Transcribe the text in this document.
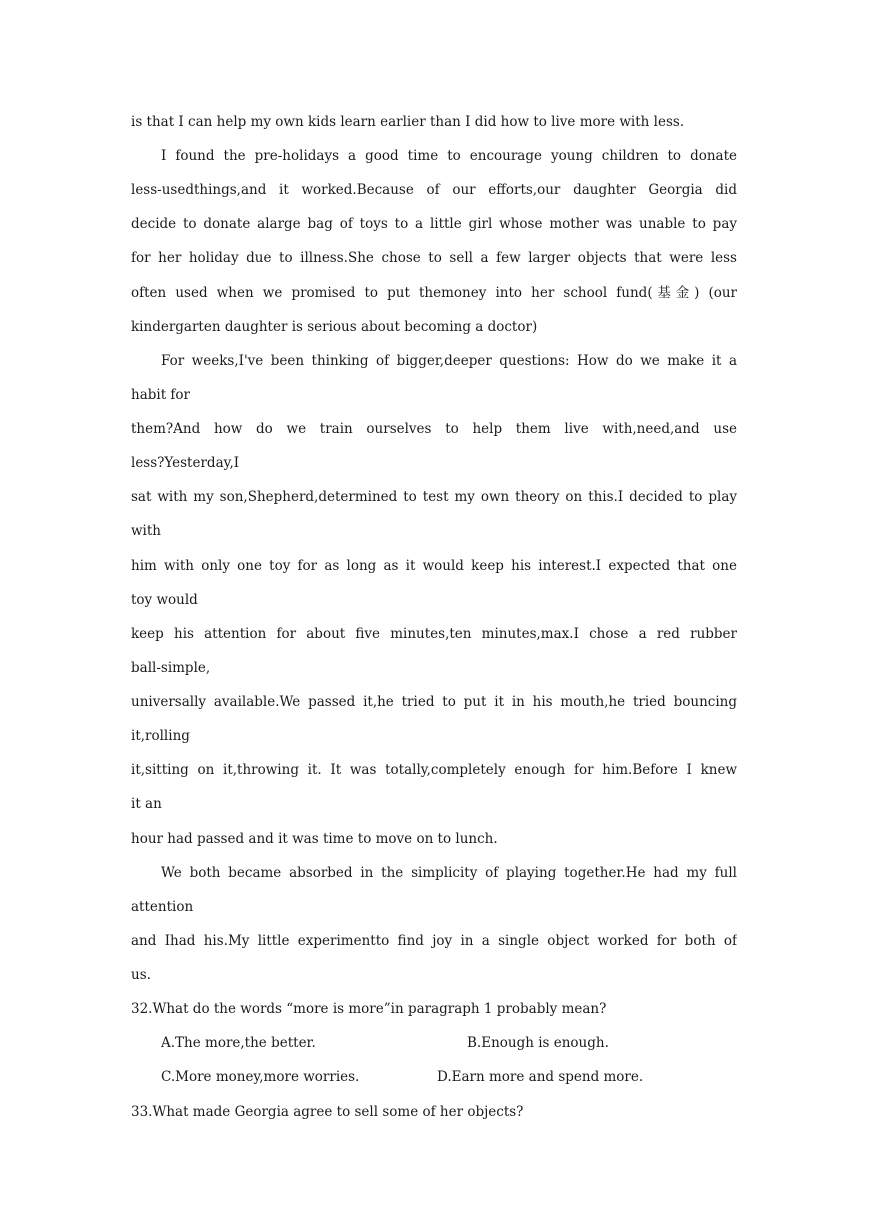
is that I can help my own kids learn earlier than I did how to live more with less.
I found the pre-holidays a good time to encourage young children to donate
less-usedthings,and it worked.Because of our efforts,our daughter Georgia did
decide to donate alarge bag of toys to a little girl whose mother was unable to pay
for her holiday due to illness.She chose to sell a few larger objects that were less
often used when we promised to put themoney into her school fund(基金) (our
kindergarten daughter is serious about becoming a doctor)
For weeks,I've been thinking of bigger,deeper questions: How do we make it a
habit for
them?And how do we train ourselves to help them live with,need,and use
less?Yesterday,I
sat with my son,Shepherd,determined to test my own theory on this.I decided to play
with
him with only one toy for as long as it would keep his interest.I expected that one
toy would
keep his attention for about five minutes,ten minutes,max.I chose a red rubber
ball-simple,
universally available.We passed it,he tried to put it in his mouth,he tried bouncing
it,rolling
it,sitting on it,throwing it. It was totally,completely enough for him.Before I knew
it an
hour had passed and it was time to move on to lunch.
We both became absorbed in the simplicity of playing together.He had my full
attention
and Ihad his.My little experimentto find joy in a single object worked for both of
us.
32.What do the words “more is more”in paragraph 1 probably mean?
A.The more,the better.	B.Enough is enough.
C.More money,more worries.	D.Earn more and spend more.
33.What made Georgia agree to sell some of her objects?
